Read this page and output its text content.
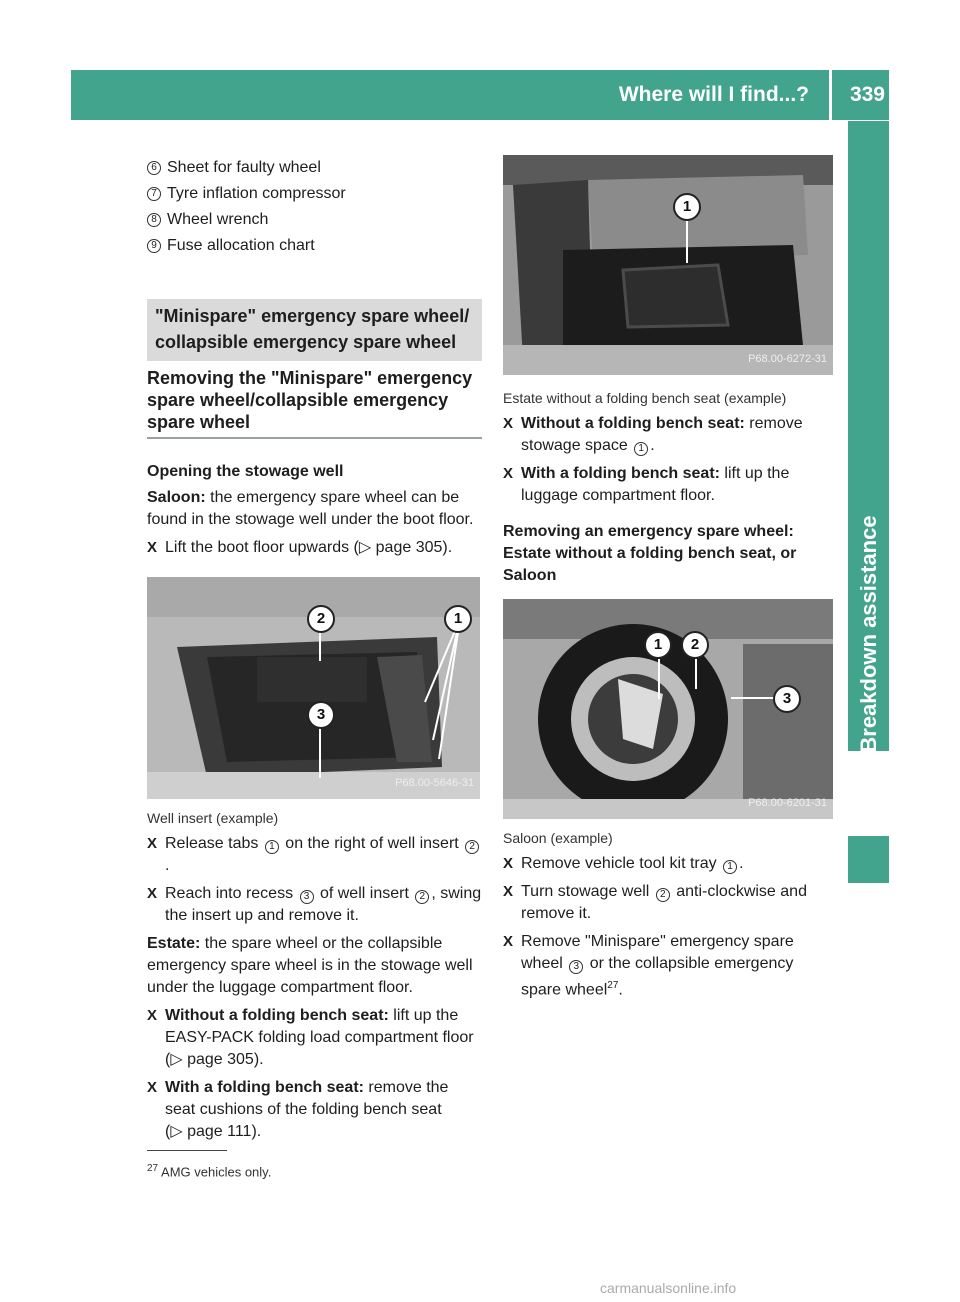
Where will I find...? 339
Breakdown assistance
6 Sheet for faulty wheel
7 Tyre inflation compressor
8 Wheel wrench
9 Fuse allocation chart
"Minispare" emergency spare wheel/ collapsible emergency spare wheel
Removing the "Minispare" emergency spare wheel/collapsible emergency spare wheel

Opening the stowage well

Saloon: the emergency spare wheel can be found in the stowage well under the boot floor.

X Lift the boot floor upwards (▷ page 305).

2
3
1
P68.00-5646-31

Well insert (example)

X Release tabs 1 on the right of well insert 2.

X Reach into recess 3 of well insert 2 , swing the insert up and remove it.

Estate: the spare wheel or the collapsible emergency spare wheel is in the stowage well under the luggage compartment floor.

X Without a folding bench seat: lift up the EASY-PACK folding load compartment floor (▷ page 305).

X With a folding bench seat: remove the seat cushions of the folding bench seat (▷ page 111).

1
P68.00-6272-31

Estate without a folding bench seat (example)

X Without a folding bench seat: remove stowage space 1 .

X With a folding bench seat: lift up the luggage compartment floor.

Removing an emergency spare wheel: Estate without a folding bench seat, or Saloon

1	2
3
P68.00-6201-31

Saloon (example)

X Remove vehicle tool kit tray 1 .

X Turn stowage well 2 anti-clockwise and remove it.

X Remove "Minispare" emergency spare wheel 3 or the collapsible emergency spare wheel$^{27}$.

$^{27}$ AMG vehicles only.
carmanualsonline.info
